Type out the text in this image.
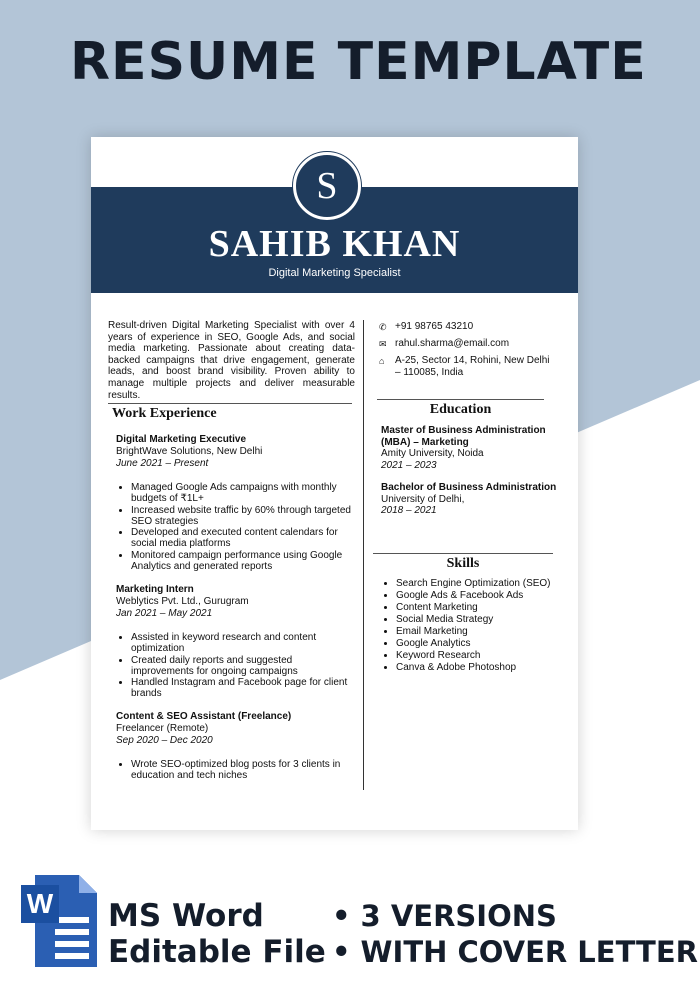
RESUME TEMPLATE
S
SAHIB KHAN
Digital Marketing Specialist

Result-driven Digital Marketing Specialist with over 4 years of experience in SEO, Google Ads, and social media marketing. Passionate about creating data-backed campaigns that drive engagement, generate leads, and boost brand visibility. Proven ability to manage multiple projects and deliver measurable results.

Work Experience
Digital Marketing Executive
BrightWave Solutions, New Delhi
June 2021 – Present
• Managed Google Ads campaigns with monthly budgets of ₹1L+
• Increased website traffic by 60% through targeted SEO strategies
• Developed and executed content calendars for social media platforms
• Monitored campaign performance using Google Analytics and generated reports
Marketing Intern
Weblytics Pvt. Ltd., Gurugram
Jan 2021 – May 2021
• Assisted in keyword research and content optimization
• Created daily reports and suggested improvements for ongoing campaigns
• Handled Instagram and Facebook page for client brands
Content & SEO Assistant (Freelance)
Freelancer (Remote)
Sep 2020 – Dec 2020
• Wrote SEO-optimized blog posts for 3 clients in education and tech niches
✆ +91 98765 43210
✉ rahul.sharma@email.com
⌂	A-25, Sector 14, Rohini, New Delhi
– 110085, India
Education
Master of Business Administration (MBA) – Marketing
Amity University, Noida
2021 – 2023
Bachelor of Business Administration
University of Delhi,
2018 – 2021
Skills
• Search Engine Optimization (SEO)
• Google Ads & Facebook Ads
• Content Marketing
• Social Media Strategy
• Email Marketing
• Google Analytics
• Keyword Research
• Canva & Adobe Photoshop
W MS Word
Editable File
• 3 VERSIONS
• WITH COVER LETTER
